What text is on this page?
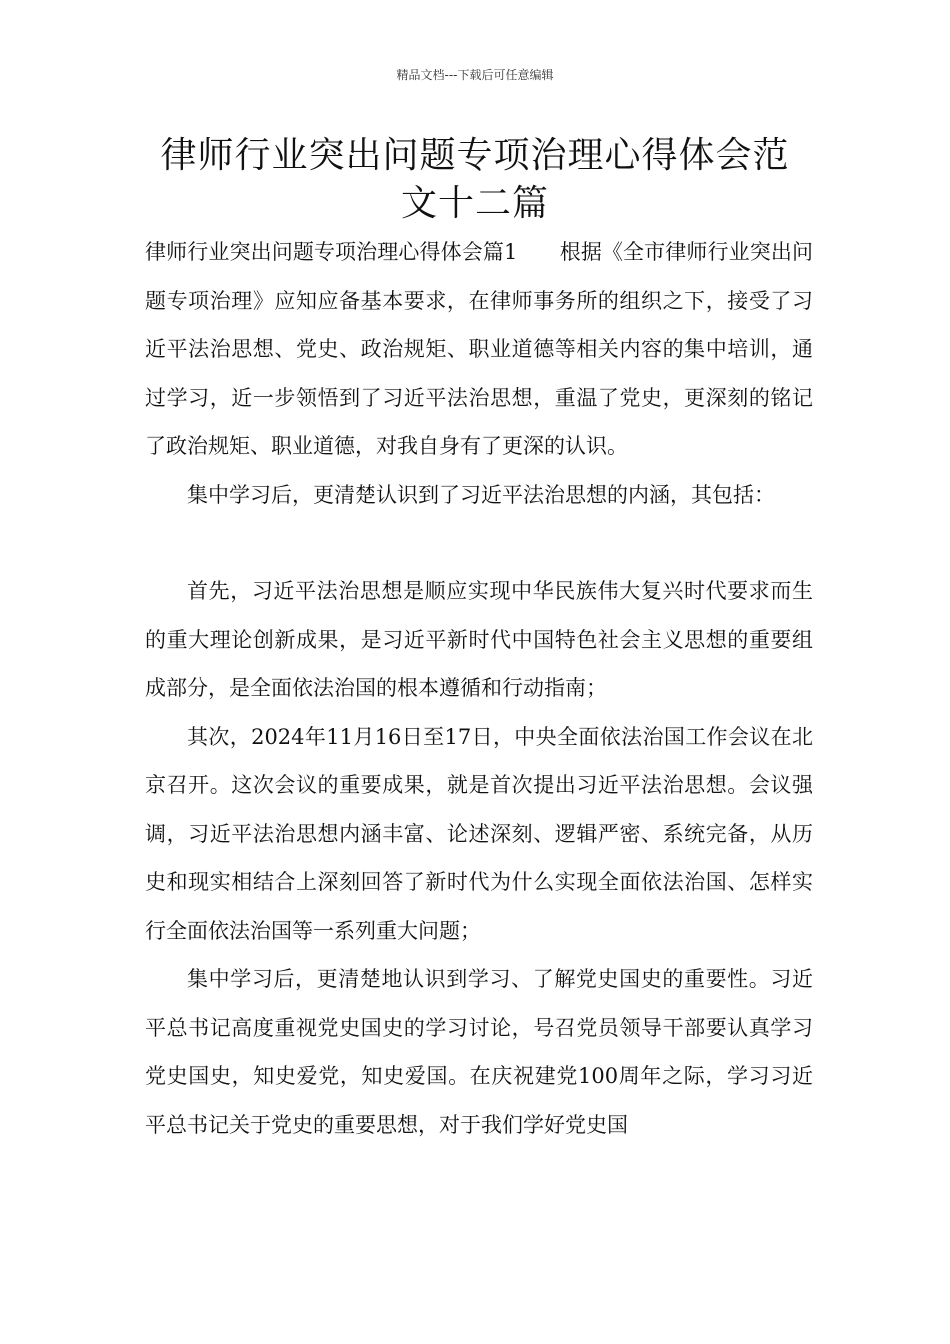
精品文档---下载后可任意编辑
律师行业突出问题专项治理心得体会范
文十二篇

律师行业突出问题专项治理心得体会篇1　　根据《全市律师行业突出问题专项治理》应知应备基本要求，在律师事务所的组织之下，接受了习近平法治思想、党史、政治规矩、职业道德等相关内容的集中培训，通过学习，近一步领悟到了习近平法治思想，重温了党史，更深刻的铭记了政治规矩、职业道德，对我自身有了更深的认识。

集中学习后，更清楚认识到了习近平法治思想的内涵，其包括：

首先，习近平法治思想是顺应实现中华民族伟大复兴时代要求而生的重大理论创新成果，是习近平新时代中国特色社会主义思想的重要组成部分，是全面依法治国的根本遵循和行动指南；

其次，2024年11月16日至17日，中央全面依法治国工作会议在北京召开。这次会议的重要成果，就是首次提出习近平法治思想。会议强调，习近平法治思想内涵丰富、论述深刻、逻辑严密、系统完备，从历史和现实相结合上深刻回答了新时代为什么实现全面依法治国、怎样实行全面依法治国等一系列重大问题；

集中学习后，更清楚地认识到学习、了解党史国史的重要性。习近平总书记高度重视党史国史的学习讨论，号召党员领导干部要认真学习党史国史，知史爱党，知史爱国。在庆祝建党100周年之际，学习习近平总书记关于党史的重要思想，对于我们学好党史国
